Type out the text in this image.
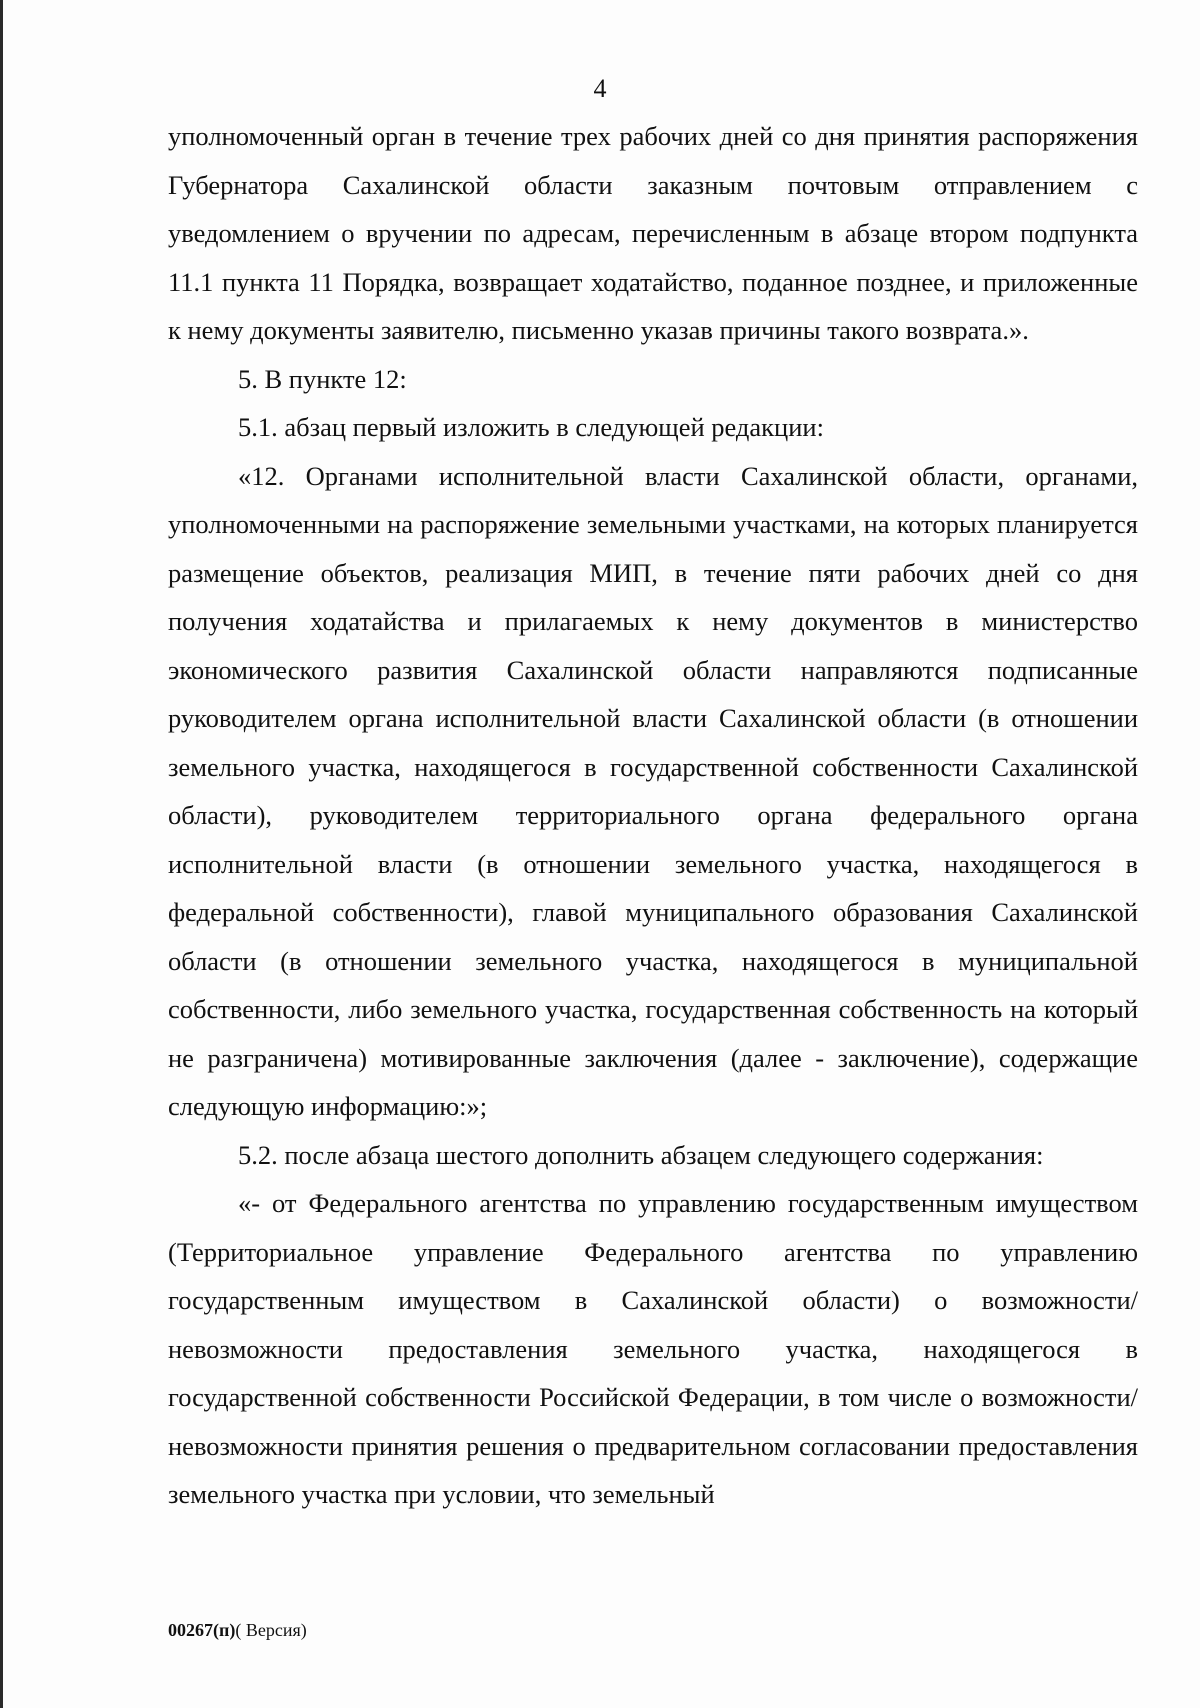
4

уполномоченный орган в течение трех рабочих дней со дня принятия распоряжения Губернатора Сахалинской области заказным почтовым отправлением с уведомлением о вручении по адресам, перечисленным в абзаце втором подпункта 11.1 пункта 11 Порядка, возвращает ходатайство, поданное позднее, и приложенные к нему документы заявителю, письменно указав причины такого возврата.».

5. В пункте 12:

5.1. абзац первый изложить в следующей редакции:

«12. Органами исполнительной власти Сахалинской области, органами, уполномоченными на распоряжение земельными участками, на которых планируется размещение объектов, реализация МИП, в течение пяти рабочих дней со дня получения ходатайства и прилагаемых к нему документов в министерство экономического развития Сахалинской области направляются подписанные руководителем органа исполнительной власти Сахалинской области (в отношении земельного участка, находящегося в государственной собственности Сахалинской области), руководителем территориального органа федерального органа исполнительной власти (в отношении земельного участка, находящегося в федеральной собственности), главой муниципального образования Сахалинской области (в отношении земельного участка, находящегося в муниципальной собственности, либо земельного участка, государственная собственность на который не разграничена) мотивированные заключения (далее - заключение), содержащие следующую информацию:»;

5.2. после абзаца шестого дополнить абзацем следующего содержания:

«- от Федерального агентства по управлению государственным имуществом (Территориальное управление Федерального агентства по управлению государственным имуществом в Сахалинской области) о возможности/невозможности предоставления земельного участка, находящегося в государственной собственности Российской Федерации, в том числе о возможности/невозможности принятия решения о предварительном согласовании предоставления земельного участка при условии, что земельный

00267(п)( Версия)
